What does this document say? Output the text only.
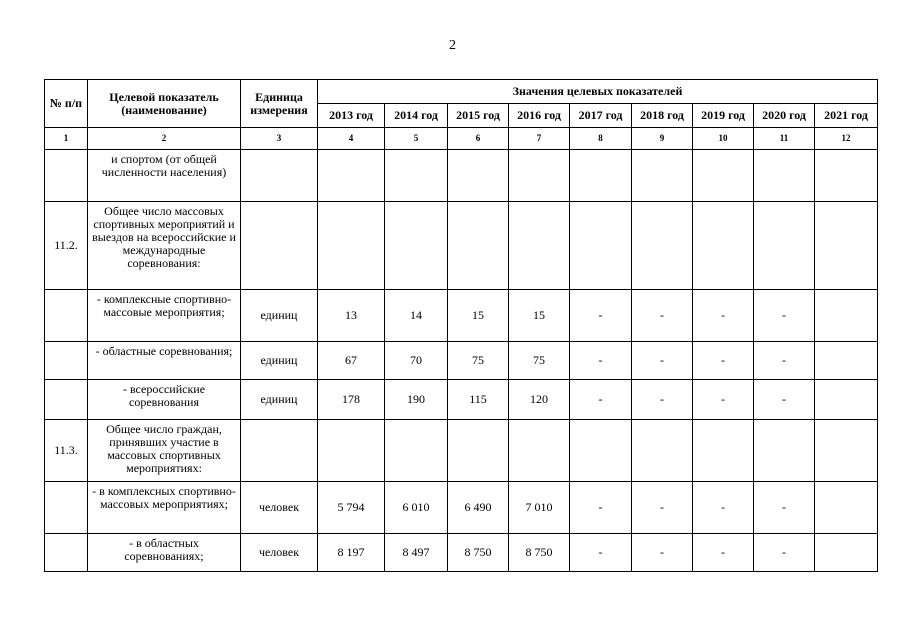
2
№ п/п	Целевой показатель (наименование)	Единица измерения	Значения целевых показателей								
			2013 год	2014 год	2015 год	2016 год	2017 год	2018 год	2019 год	2020 год	2021 год
1	2	3	4	5	6	7	8	9	10	11	12
	и спортом (от общей численности населения)										
11.2.	Общее число массовых спортивных мероприятий и выездов на всероссийские и международные соревнования:										
	- комплексные спортивно-массовые мероприятия;	единиц	13	14	15	15	-	-	-	-	
	- областные соревнования;	единиц	67	70	75	75	-	-	-	-	
	- всероссийские соревнования	единиц	178	190	115	120	-	-	-	-	
11.3.	Общее число граждан, принявших участие в массовых спортивных мероприятиях:										
	- в комплексных спортивно-массовых мероприятиях;	человек	5 794	6 010	6 490	7 010	-	-	-	-	
	- в областных соревнованиях;	человек	8 197	8 497	8 750	8 750	-	-	-	-	
